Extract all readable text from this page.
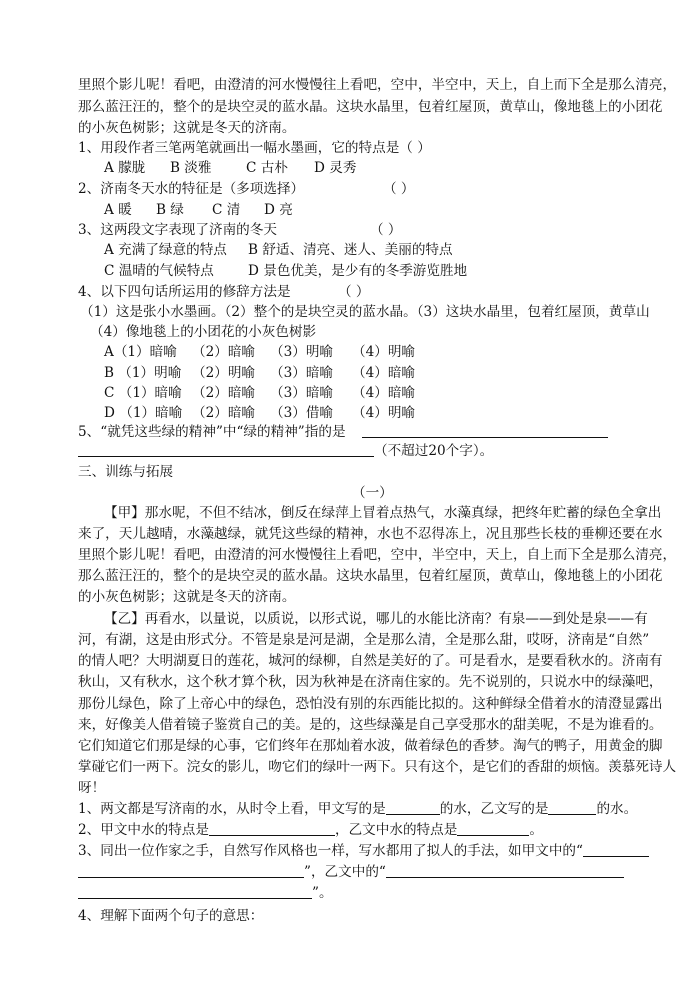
里照个影儿呢！看吧，由澄清的河水慢慢往上看吧，空中，半空中，天上，自上而下全是那么清亮，
那么蓝汪汪的，整个的是块空灵的蓝水晶。这块水晶里，包着红屋顶，黄草山，像地毯上的小团花
的小灰色树影；这就是冬天的济南。
1、用段作者三笔两笔就画出一幅水墨画，它的特点是（ ）
A 朦胧 B 淡雅	C 古朴 D 灵秀
2、济南冬天水的特征是（多项选择）	（ ）
A 暖 B 绿 C 清 D 亮
3、这两段文字表现了济南的冬天	（ ）
A 充满了绿意的特点 B 舒适、清亮、迷人、美丽的特点
C 温晴的气候特点	D 景色优美，是少有的冬季游览胜地
4、以下四句话所运用的修辞方法是	（ ）
（1）这是张小水墨画。（2）整个的是块空灵的蓝水晶。（3）这块水晶里，包着红屋顶，黄草山
（4）像地毯上的小团花的小灰色树影
A（1）暗喻 （2）暗喻 （3）明喻 （4）明喻
B （1）明喻 （2）明喻 （3）暗喻 （4）暗喻
C （1）暗喻 （2）暗喻 （3）暗喻 （4）暗喻
D （1）暗喻 （2）暗喻 （3）借喻 （4）明喻
5、“就凭这些绿的精神”中“绿的精神”指的是
（不超过20个字）。
三、训练与拓展
（一）
【甲】那水呢，不但不结冰，倒反在绿萍上冒着点热气，水藻真绿，把终年贮蓄的绿色全拿出
来了，天儿越晴，水藻越绿，就凭这些绿的精神，水也不忍得冻上，况且那些长枝的垂柳还要在水
里照个影儿呢！看吧，由澄清的河水慢慢往上看吧，空中，半空中，天上，自上而下全是那么清亮，
那么蓝汪汪的，整个的是块空灵的蓝水晶。这块水晶里，包着红屋顶，黄草山，像地毯上的小团花
的小灰色树影；这就是冬天的济南。
【乙】再看水，以量说，以质说，以形式说，哪儿的水能比济南？有泉——到处是泉——有
河，有湖，这是由形式分。不管是泉是河是湖，全是那么清，全是那么甜，哎呀，济南是“自然”
的情人吧？大明湖夏日的莲花，城河的绿柳，自然是美好的了。可是看水，是要看秋水的。济南有
秋山，又有秋水，这个秋才算个秋，因为秋神是在济南住家的。先不说别的，只说水中的绿藻吧，
那份儿绿色，除了上帝心中的绿色，恐怕没有别的东西能比拟的。这种鲜绿全借着水的清澄显露出
来，好像美人借着镜子鉴赏自己的美。是的，这些绿藻是自己享受那水的甜美呢，不是为谁看的。
它们知道它们那是绿的心事，它们终年在那灿着水波，做着绿色的香梦。淘气的鸭子，用黄金的脚
掌碰它们一两下。浣女的影儿，吻它们的绿叶一两下。只有这个，是它们的香甜的烦恼。羡慕死诗人
呀！
1、两文都是写济南的水，从时令上看，甲文写的是	的水，乙文写的是	的水。
2、甲文中水的特点是	，乙文中水的特点是	。
3、同出一位作家之手，自然写作风格也一样，写水都用了拟人的手法，如甲文中的“
”，乙文中的“
”。
4、理解下面两个句子的意思：
